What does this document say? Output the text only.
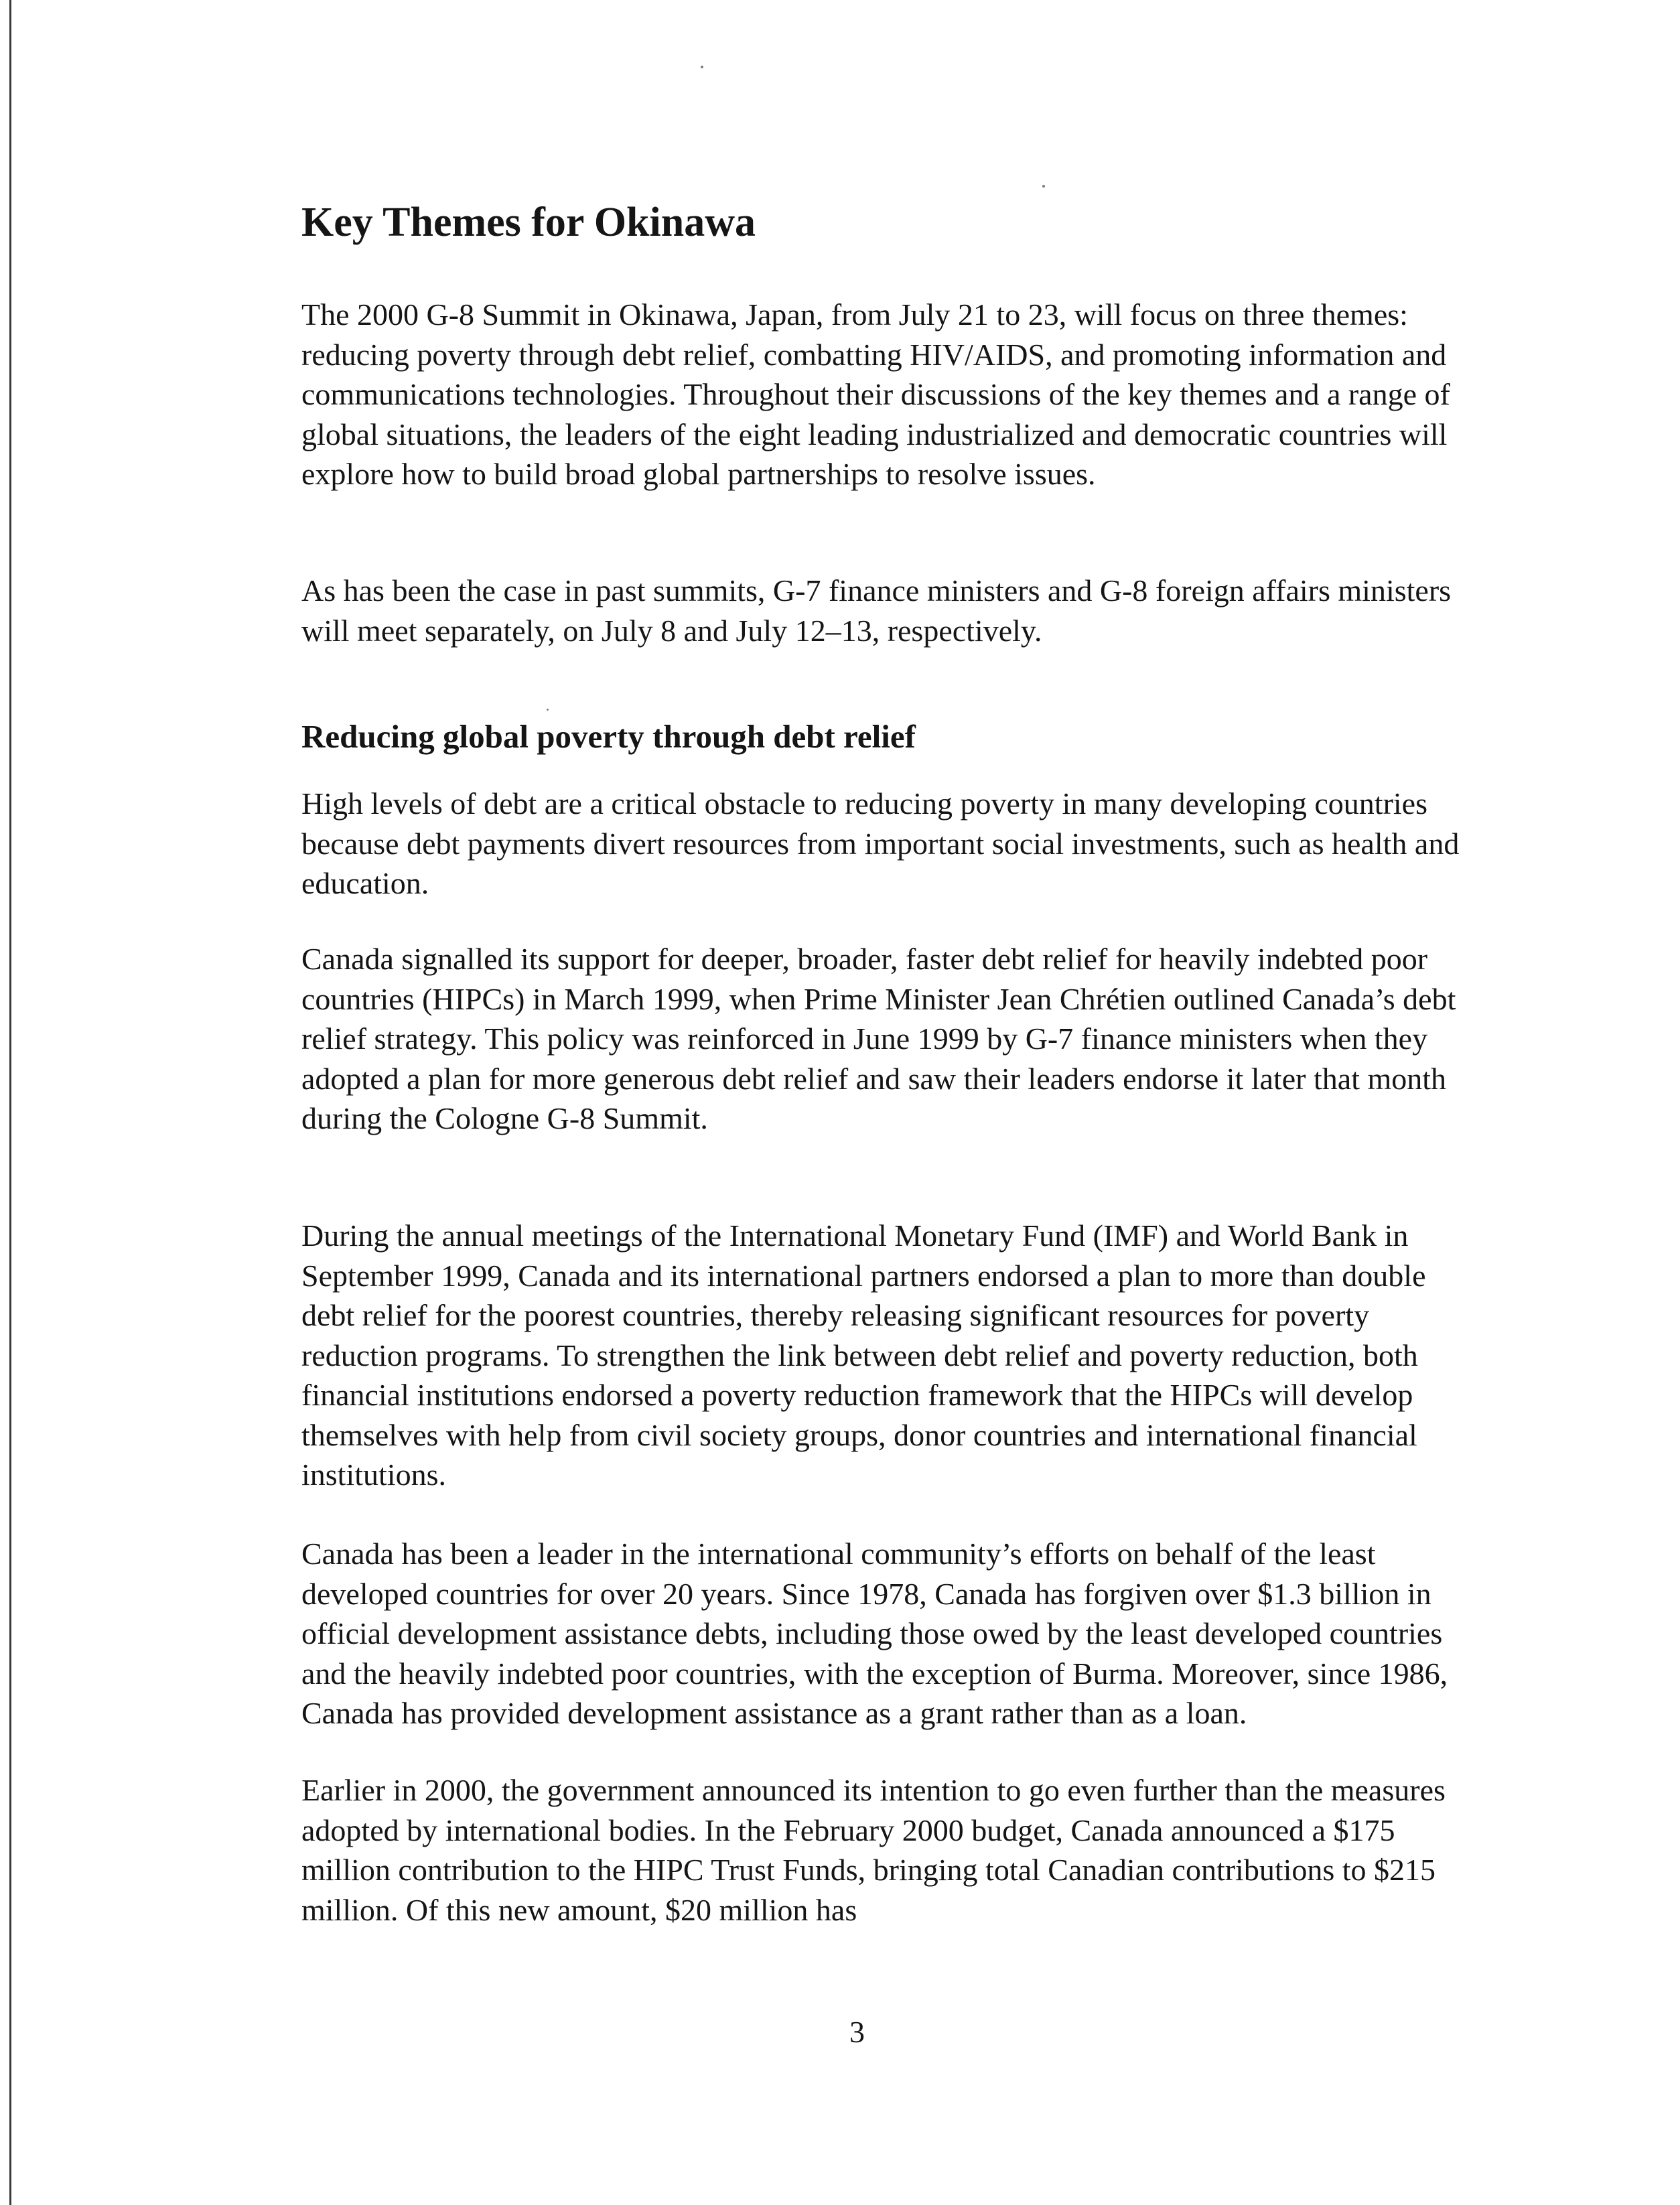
Key Themes for Okinawa

The 2000 G-8 Summit in Okinawa, Japan, from July 21 to 23, will focus on three themes: reducing poverty through debt relief, combatting HIV/AIDS, and promoting information and communications technologies. Throughout their discussions of the key themes and a range of global situations, the leaders of the eight leading industrialized and democratic countries will explore how to build broad global partnerships to resolve issues.

As has been the case in past summits, G-7 finance ministers and G-8 foreign affairs ministers will meet separately, on July 8 and July 12–13, respectively.

Reducing global poverty through debt relief

High levels of debt are a critical obstacle to reducing poverty in many developing countries because debt payments divert resources from important social investments, such as health and education.

Canada signalled its support for deeper, broader, faster debt relief for heavily indebted poor countries (HIPCs) in March 1999, when Prime Minister Jean Chrétien outlined Canada’s debt relief strategy. This policy was reinforced in June 1999 by G-7 finance ministers when they adopted a plan for more generous debt relief and saw their leaders endorse it later that month during the Cologne G-8 Summit.

During the annual meetings of the International Monetary Fund (IMF) and World Bank in September 1999, Canada and its international partners endorsed a plan to more than double debt relief for the poorest countries, thereby releasing significant resources for poverty reduction programs. To strengthen the link between debt relief and poverty reduction, both financial institutions endorsed a poverty reduction framework that the HIPCs will develop themselves with help from civil society groups, donor countries and international financial institutions.

Canada has been a leader in the international community’s efforts on behalf of the least developed countries for over 20 years. Since 1978, Canada has forgiven over $1.3 billion in official development assistance debts, including those owed by the least developed countries and the heavily indebted poor countries, with the exception of Burma. Moreover, since 1986, Canada has provided development assistance as a grant rather than as a loan.

Earlier in 2000, the government announced its intention to go even further than the measures adopted by international bodies. In the February 2000 budget, Canada announced a $175 million contribution to the HIPC Trust Funds, bringing total Canadian contributions to $215 million. Of this new amount, $20 million has

3
